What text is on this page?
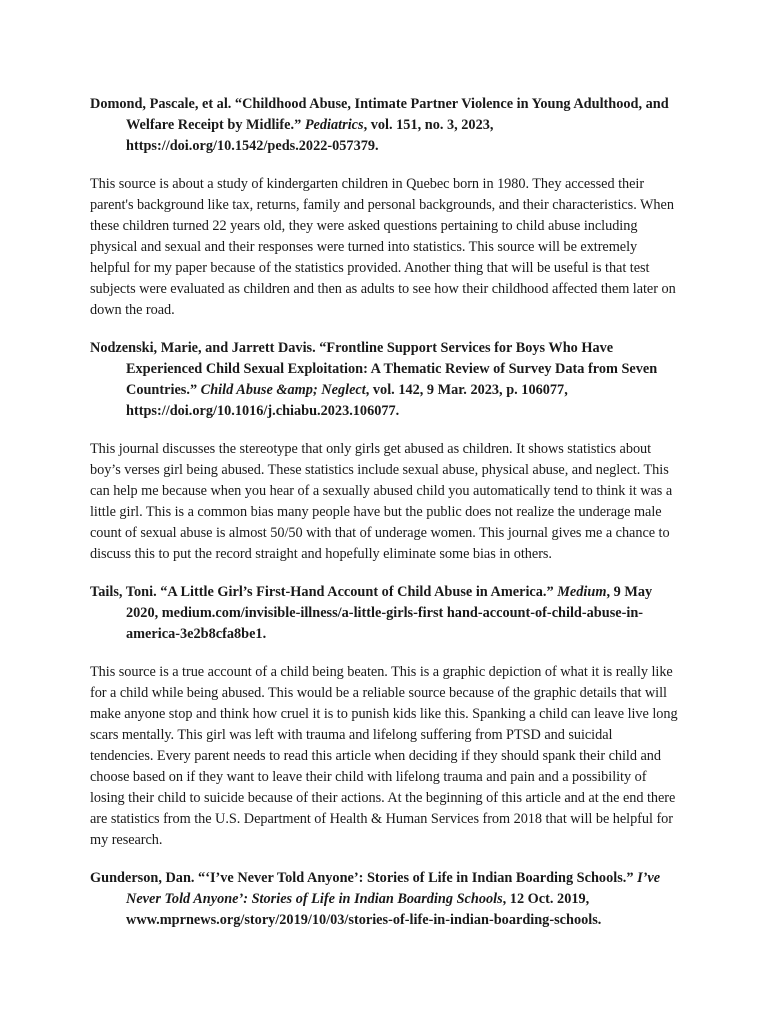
Domond, Pascale, et al. “Childhood Abuse, Intimate Partner Violence in Young Adulthood, and Welfare Receipt by Midlife.” Pediatrics, vol. 151, no. 3, 2023, https://doi.org/10.1542/peds.2022-057379.

This source is about a study of kindergarten children in Quebec born in 1980. They accessed their parent's background like tax, returns, family and personal backgrounds, and their characteristics. When these children turned 22 years old, they were asked questions pertaining to child abuse including physical and sexual and their responses were turned into statistics. This source will be extremely helpful for my paper because of the statistics provided. Another thing that will be useful is that test subjects were evaluated as children and then as adults to see how their childhood affected them later on down the road.

Nodzenski, Marie, and Jarrett Davis. “Frontline Support Services for Boys Who Have Experienced Child Sexual Exploitation: A Thematic Review of Survey Data from Seven Countries.” Child Abuse &amp; Neglect, vol. 142, 9 Mar. 2023, p. 106077, https://doi.org/10.1016/j.chiabu.2023.106077.

This journal discusses the stereotype that only girls get abused as children. It shows statistics about boy’s verses girl being abused. These statistics include sexual abuse, physical abuse, and neglect. This can help me because when you hear of a sexually abused child you automatically tend to think it was a little girl. This is a common bias many people have but the public does not realize the underage male count of sexual abuse is almost 50/50 with that of underage women. This journal gives me a chance to discuss this to put the record straight and hopefully eliminate some bias in others.

Tails, Toni. “A Little Girl’s First-Hand Account of Child Abuse in America.” Medium, 9 May 2020, medium.com/invisible-illness/a-little-girls-first hand-account-of-child-abuse-in-america-3e2b8cfa8be1.

This source is a true account of a child being beaten. This is a graphic depiction of what it is really like for a child while being abused. This would be a reliable source because of the graphic details that will make anyone stop and think how cruel it is to punish kids like this. Spanking a child can leave live long scars mentally. This girl was left with trauma and lifelong suffering from PTSD and suicidal tendencies. Every parent needs to read this article when deciding if they should spank their child and choose based on if they want to leave their child with lifelong trauma and pain and a possibility of losing their child to suicide because of their actions. At the beginning of this article and at the end there are statistics from the U.S. Department of Health & Human Services from 2018 that will be helpful for my research.

Gunderson, Dan. “‘I’ve Never Told Anyone’: Stories of Life in Indian Boarding Schools.” I’ve Never Told Anyone’: Stories of Life in Indian Boarding Schools, 12 Oct. 2019, www.mprnews.org/story/2019/10/03/stories-of-life-in-indian-boarding-schools.
